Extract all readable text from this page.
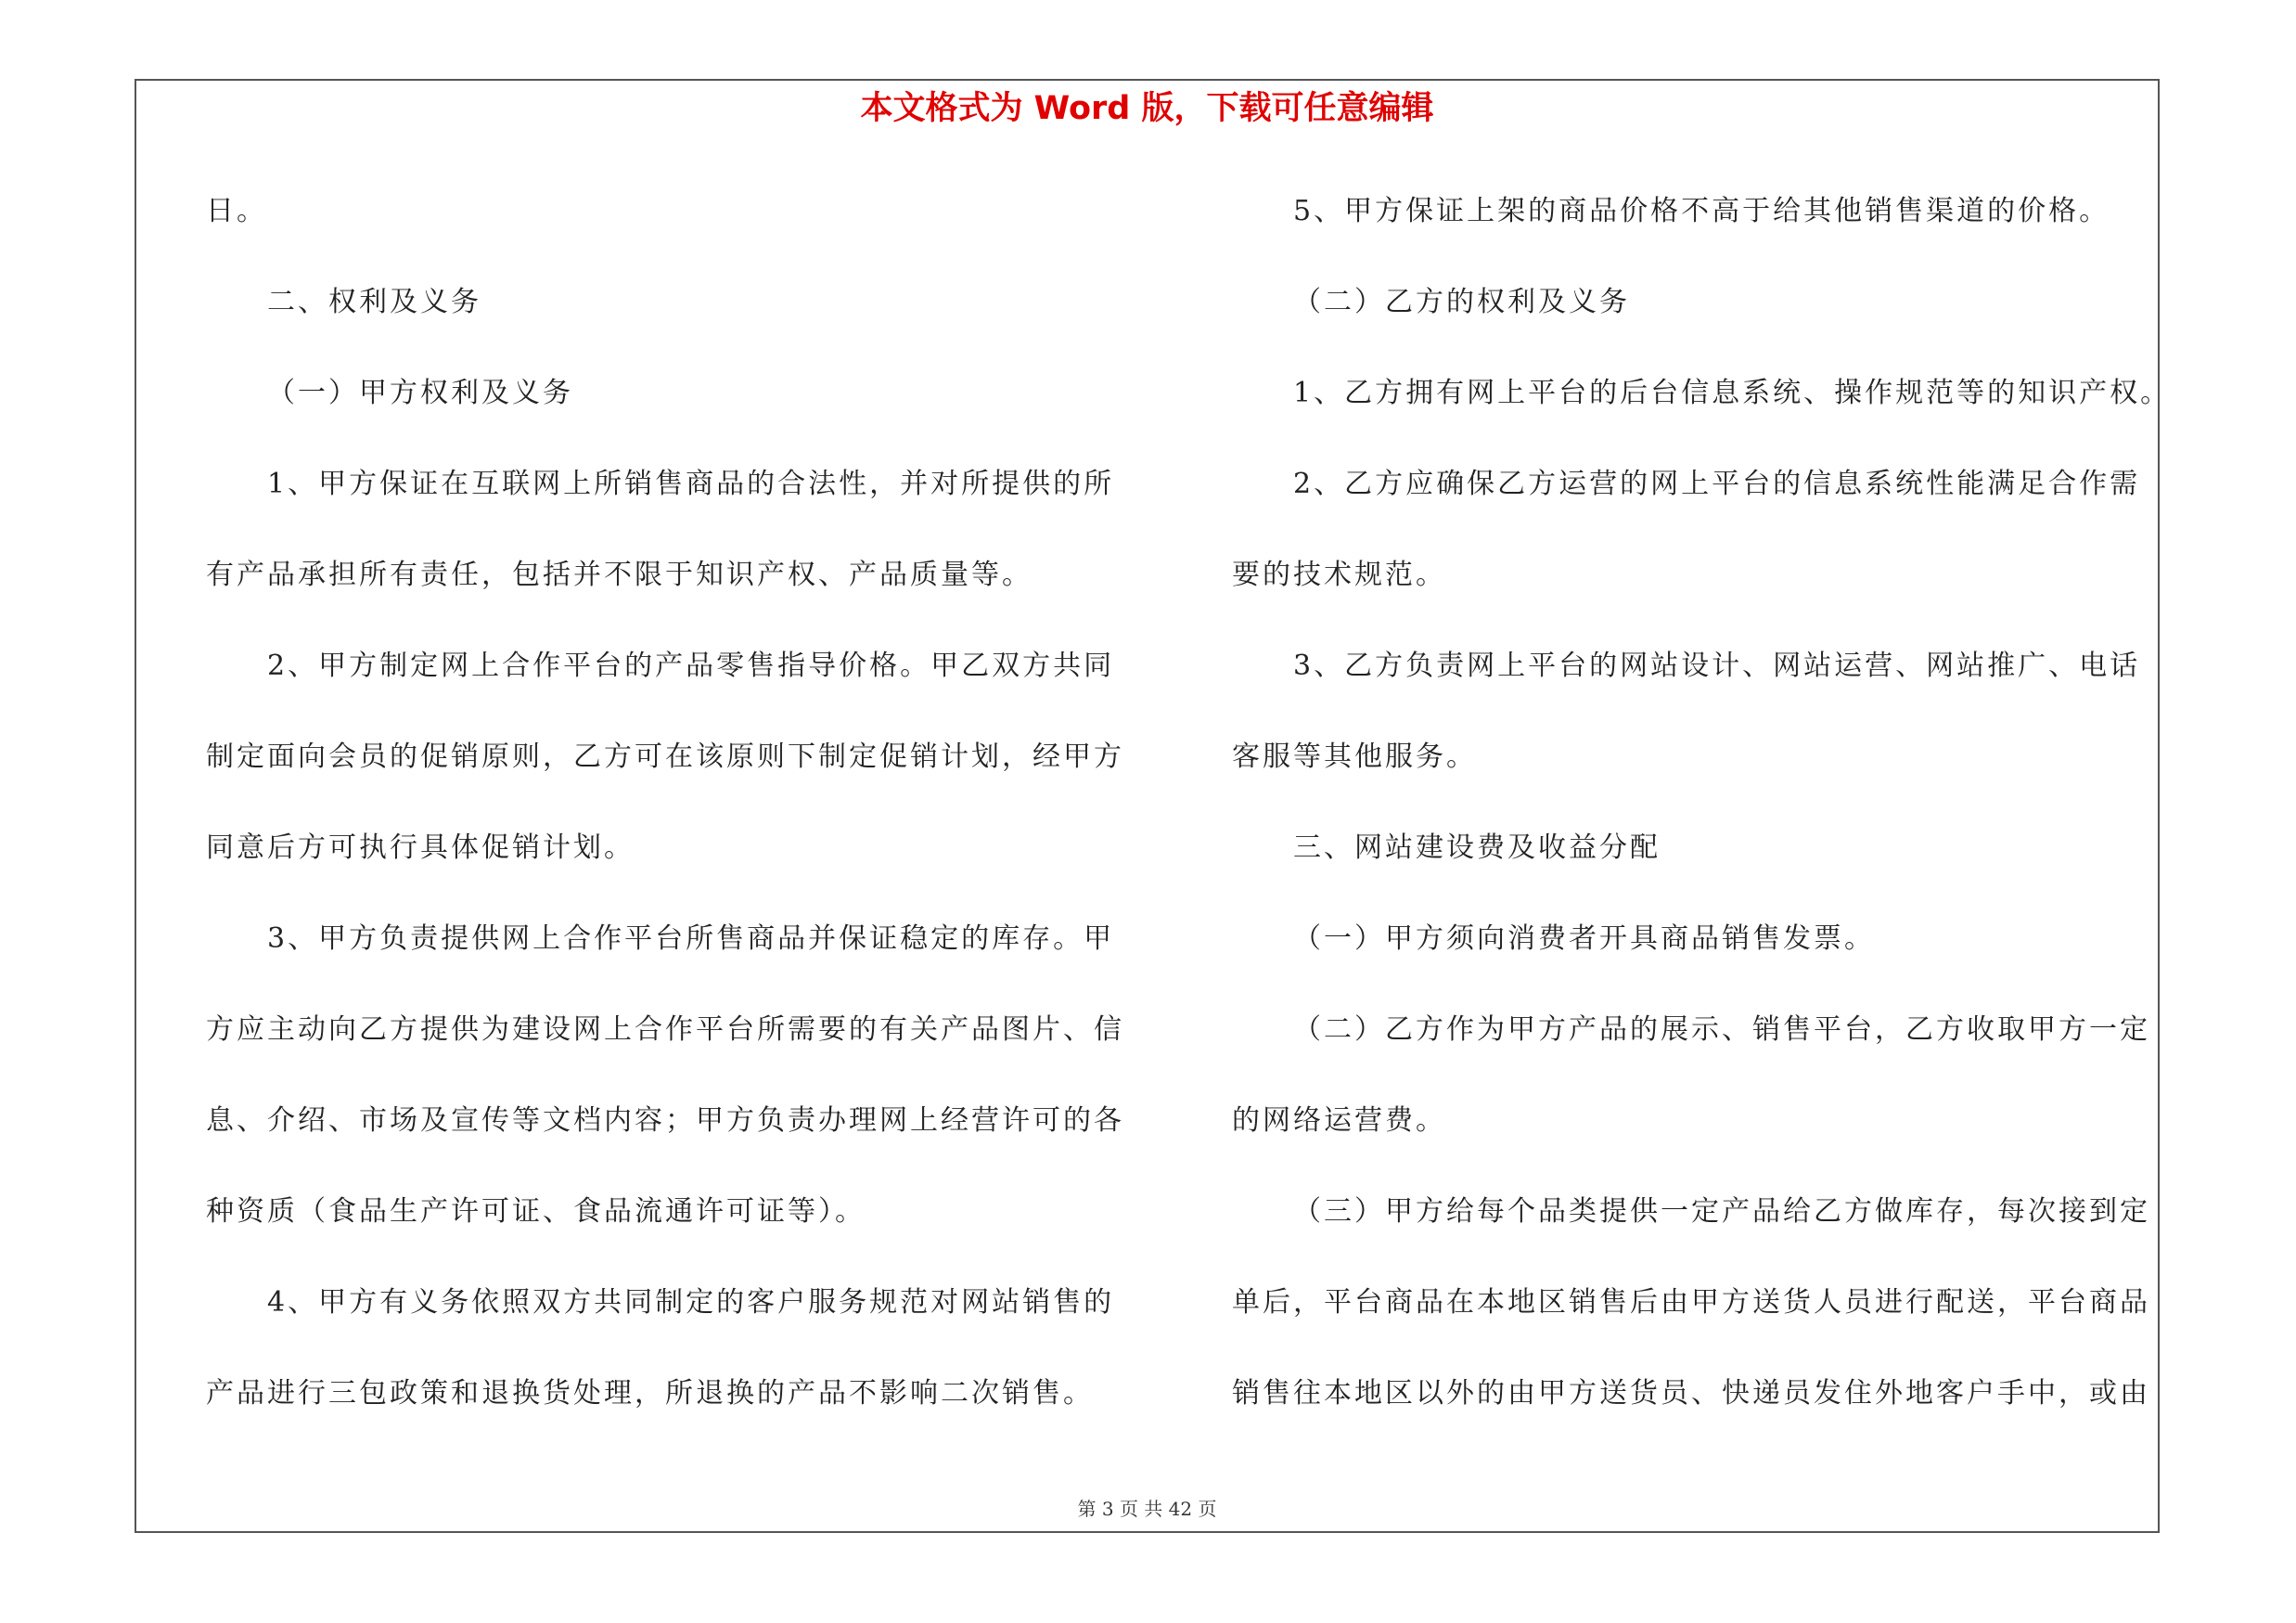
本文格式为 Word 版，下载可任意编辑
日。
二、权利及义务
（一）甲方权利及义务
1、甲方保证在互联网上所销售商品的合法性，并对所提供的所
有产品承担所有责任，包括并不限于知识产权、产品质量等。
2、甲方制定网上合作平台的产品零售指导价格。甲乙双方共同
制定面向会员的促销原则，乙方可在该原则下制定促销计划，经甲方
同意后方可执行具体促销计划。
3、甲方负责提供网上合作平台所售商品并保证稳定的库存。甲
方应主动向乙方提供为建设网上合作平台所需要的有关产品图片、信
息、介绍、市场及宣传等文档内容；甲方负责办理网上经营许可的各
种资质（食品生产许可证、食品流通许可证等）。
4、甲方有义务依照双方共同制定的客户服务规范对网站销售的
产品进行三包政策和退换货处理，所退换的产品不影响二次销售。
5、甲方保证上架的商品价格不高于给其他销售渠道的价格。
（二）乙方的权利及义务
1、乙方拥有网上平台的后台信息系统、操作规范等的知识产权。
2、乙方应确保乙方运营的网上平台的信息系统性能满足合作需
要的技术规范。
3、乙方负责网上平台的网站设计、网站运营、网站推广、电话
客服等其他服务。
三、网站建设费及收益分配
（一）甲方须向消费者开具商品销售发票。
（二）乙方作为甲方产品的展示、销售平台，乙方收取甲方一定
的网络运营费。
（三）甲方给每个品类提供一定产品给乙方做库存，每次接到定
单后，平台商品在本地区销售后由甲方送货人员进行配送，平台商品
销售往本地区以外的由甲方送货员、快递员发住外地客户手中，或由
第 3 页 共 42 页
